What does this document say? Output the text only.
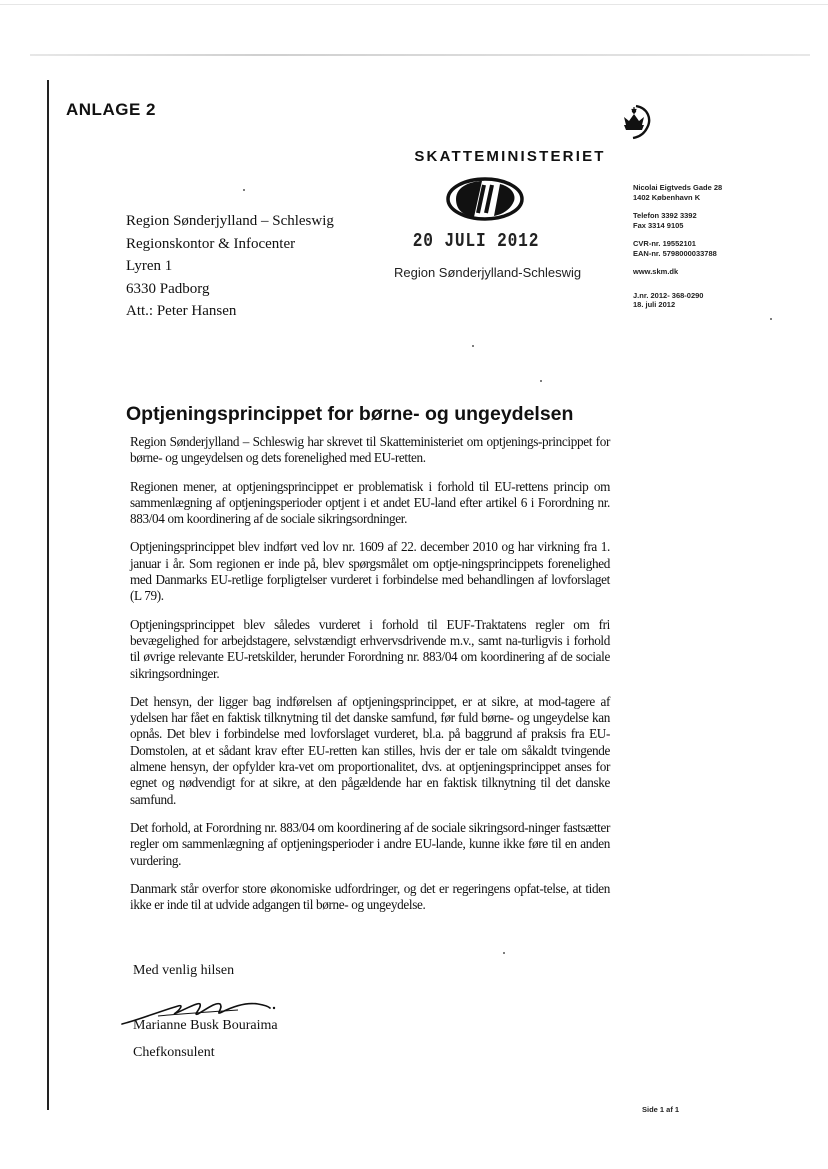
ANLAGE 2
SKATTEMINISTERIET
Region Sønderjylland – Schleswig
Regionskontor & Infocenter
Lyren 1
6330 Padborg
Att.: Peter Hansen
20 JULI 2012
Region Sønderjylland-Schleswig
Nicolai Eigtveds Gade 28
1402 København K
Telefon 3392 3392
Fax 3314 9105
CVR-nr. 19552101
EAN-nr. 5798000033788
www.skm.dk
J.nr. 2012- 368-0290
18. juli 2012
Optjeningsprincippet for børne- og ungeydelsen

Region Sønderjylland – Schleswig har skrevet til Skatteministeriet om optjenings-princippet for børne- og ungeydelsen og dets forenelighed med EU-retten.

Regionen mener, at optjeningsprincippet er problematisk i forhold til EU-rettens princip om sammenlægning af optjeningsperioder optjent i et andet EU-land efter artikel 6 i Forordning nr. 883/04 om koordinering af de sociale sikringsordninger.

Optjeningsprincippet blev indført ved lov nr. 1609 af 22. december 2010 og har virkning fra 1. januar i år. Som regionen er inde på, blev spørgsmålet om optje-ningsprincippets forenelighed med Danmarks EU-retlige forpligtelser vurderet i forbindelse med behandlingen af lovforslaget (L 79).

Optjeningsprincippet blev således vurderet i forhold til EUF-Traktatens regler om fri bevægelighed for arbejdstagere, selvstændigt erhvervsdrivende m.v., samt na-turligvis i forhold til øvrige relevante EU-retskilder, herunder Forordning nr. 883/04 om koordinering af de sociale sikringsordninger.

Det hensyn, der ligger bag indførelsen af optjeningsprincippet, er at sikre, at mod-tagere af ydelsen har fået en faktisk tilknytning til det danske samfund, før fuld børne- og ungeydelse kan opnås. Det blev i forbindelse med lovforslaget vurderet, bl.a. på baggrund af praksis fra EU-Domstolen, at et sådant krav efter EU-retten kan stilles, hvis der er tale om såkaldt tvingende almene hensyn, der opfylder kra-vet om proportionalitet, dvs. at optjeningsprincippet anses for egnet og nødvendigt for at sikre, at den pågældende har en faktisk tilknytning til det danske samfund.

Det forhold, at Forordning nr. 883/04 om koordinering af de sociale sikringsord-ninger fastsætter regler om sammenlægning af optjeningsperioder i andre EU-lande, kunne ikke føre til en anden vurdering.

Danmark står overfor store økonomiske udfordringer, og det er regeringens opfat-telse, at tiden ikke er inde til at udvide adgangen til børne- og ungeydelse.

Med venlig hilsen
Marianne Busk Bouraima
Chefkonsulent
Side 1 af 1
